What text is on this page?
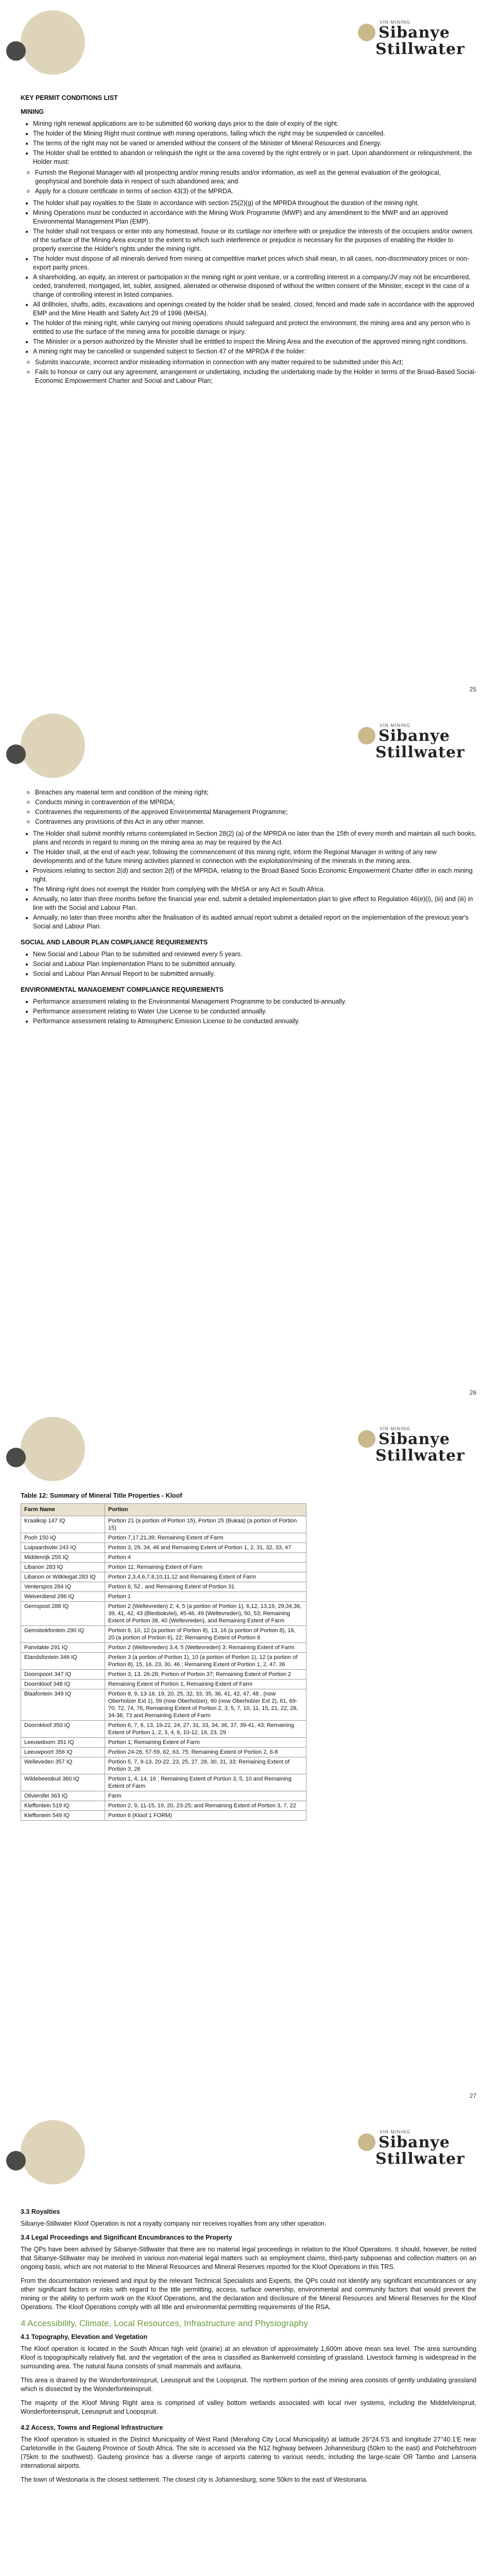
VIN MINING
Sibanye
Stillwater
KEY PERMIT CONDITIONS LIST
MINING
• Mining right renewal applications are to be submitted 60 working days prior to the date of expiry of the right.
• The holder of the Mining Right must continue with mining operations, failing which the right may be suspended or cancelled.
• The terms of the right may not be varied or amended without the consent of the Minister of Mineral Resources and Energy.
• The Holder shall be entitled to abandon or relinquish the right or the area covered by the right entirely or in part. Upon abandonment or relinquishment, the Holder must:
o Furnish the Regional Manager with all prospecting and/or mining results and/or information, as well as the general evaluation of the geological, geophysical and borehole data in respect of such abandoned area; and
o Apply for a closure certificate in terms of section 43(3) of the MPRDA.
• The holder shall pay royalties to the State in accordance with section 25(2)(g) of the MPRDA throughout the duration of the mining right.
• Mining Operations must be conducted in accordance with the Mining Work Programme (MWP) and any amendment to the MWP and an approved Environmental Management Plan (EMP).
• The holder shall not trespass or enter into any homestead, house or its curtilage nor interfere with or prejudice the interests of the occupiers and/or owners of the surface of the Mining Area except to the extent to which such interference or prejudice is necessary for the purposes of enabling the Holder to properly exercise the Holder's rights under the mining right.
• The holder must dispose of all minerals derived from mining at competitive market prices which shall mean, in all cases, non-discriminatory prices or non-export parity prices.
• A shareholding, an equity, an interest or participation in the mining right or joint venture, or a controlling interest in a company/JV may not be encumbered, ceded, transferred, mortgaged, let, sublet, assigned, alienated or otherwise disposed of without the written consent of the Minister, except in the case of a change of controlling interest in listed companies.
• All drillholes, shafts, adits, excavations and openings created by the holder shall be sealed, closed, fenced and made safe in accordance with the approved EMP and the Mine Health and Safety Act 29 of 1996 (MHSA).
• The holder of the mining right, while carrying out mining operations should safeguard and protect the environment, the mining area and any person who is entitled to use the surface of the mining area for possible damage or injury.
• The Minister or a person authorized by the Minister shall be entitled to inspect the Mining Area and the execution of the approved mining right conditions.
• A mining right may be cancelled or suspended subject to Section 47 of the MPRDA if the holder:
o Submits inaccurate, incorrect and/or misleading information in connection with any matter required to be submitted under this Act;
o Fails to honour or carry out any agreement, arrangement or undertaking, including the undertaking made by the Holder in terms of the Broad-Based Social-Economic Empowerment Charter and Social and Labour Plan;
25
VIN MINING
Sibanye
Stillwater
o Breaches any material term and condition of the mining right;
o Conducts mining in contravention of the MPRDA;
o Contravenes the requirements of the approved Environmental Management Programme;
o Contravenes any provisions of this Act in any other manner.
• The Holder shall submit monthly returns contemplated in Section 28(2) (a) of the MPRDA no later than the 15th of every month and maintain all such books, plans and records in regard to mining on the mining area as may be required by the Act.
• The Holder shall, at the end of each year, following the commencement of this mining right, inform the Regional Manager in writing of any new developments and of the future mining activities planned in connection with the exploitation/mining of the minerals in the mining area.
• Provisions relating to section 2(d) and section 2(f) of the MPRDA, relating to the Broad Based Socio Economic Empowerment Charter differ in each mining right.
• The Mining right does not exempt the Holder from complying with the MHSA or any Act in South Africa.
• Annually, no later than three months before the financial year end, submit a detailed implementation plan to give effect to Regulation 46(e)(i), (iii) and (iii) in line with the Social and Labour Plan.
• Annually, no later than three months after the finalisation of its audited annual report submit a detailed report on the implementation of the previous year's Social and Labour Plan.
SOCIAL AND LABOUR PLAN COMPLIANCE REQUIREMENTS
• New Social and Labour Plan to be submitted and reviewed every 5 years.
• Social and Labour Plan Implementation Plans to be submitted annually.
• Social and Labour Plan Annual Report to be submitted annually.
ENVIRONMENTAL MANAGEMENT COMPLIANCE REQUIREMENTS
• Performance assessment relating to the Environmental Management Programme to be conducted bi-annually.
• Performance assessment relating to Water Use License to be conducted annually.
• Performance assessment relating to Atmospheric Emission License to be conducted annually.
26
VIN MINING
Sibanye
Stillwater
Table 12: Summary of Mineral Title Properties - Kloof
Farm Name	Portion
Kraalkop 147 IQ	Portion 21 (a portion of Portion 15), Portion 25 (Bukaa) (a portion of Portion 15)
Pooh 150 IQ	Portion 7,17,21,39; Remaining Extent of Farm
Luipaardsvlei 243 IQ	Portion 3, 29, 34, 46 and Remaining Extent of Portion 1, 2, 31, 32, 33, 47
Middenrijk 255 IQ	Portion 4
Libanon 283 IQ	Portion 11; Remaining Extent of Farm
Libanon or Witkleigat 283 IQ	Portion 2,3,4,6,7,8,10,11,12 and Remaining Extent of Farm
Venterspos 284 IQ	Portion 6, 52 , and Remaining Extent of Portion 31
Welverdiend 286 IQ	Portion 1
Gemspost 288 IQ	Portion 2 (Weltevreden) 2; 4, 5 (a portion of Portion 1), 6,12, 13,19, 29,34,36, 39, 41, 42, 43 (Blesbokvlei), 45-46, 49 (Weltevreden), 50, 53; Remaining Extent of Portion 38, 40 (Weltevreden), and Remaining Extent of Farm
Gemsbokfontein 290 IQ	Portion 6, 10, 12 (a portion of Portion 8), 13, 16 (a portion of Portion 8), 16, 20 (a portion of Portion 6), 22; Remaining Extent of Portion 8
Panvlakte 291 IQ	Portion 2 (Weltevreden) 3,4, 5 (Weltevreden) 3; Remaining Extent of Farm
Elandsfontein 346 IQ	Portion 3 (a portion of Portion 1), 10 (a portion of Portion 1), 12 (a portion of Portion 8), 15, 16, 23, 30, 46 ; Remaining Extent of Portion 1, 2, 47, 36
Doornpoort 347 IQ	Portion 3, 13, 26-28; Portion of Portion 37; Remaining Extent of Portion 2
Doornkloof 348 IQ	Remaining Extent of Portion 1, Remaining Extent of Farm
Blaafontein 349 IQ	Portion 8, 9, 13-16, 19, 20, 25, 32, 33, 35, 36, 41, 42, 47, 48 , (now Oberholzer Ext 1), 59 (now Oberholzer), 60 (now Oberholzer Ext 2), 61, 69-70, 72, 74, 76, Remaining Extent of Portion 2, 3, 5, 7, 10, 11, 15, 21, 22, 28, 34-38, 73 and Remaining Extent of Farm
Doornkloof 350 IQ	Portion 6, 7, 8, 13, 19-22, 24, 27, 31, 33, 34, 36, 37, 39-41, 43; Remaining Extent of Portion 1, 2, 3, 4, 6, 10-12, 16, 23, 29
Leeuwdoorn 351 IQ	Portion 1; Remaining Extent of Farm
Leeuwpoort 356 IQ	Portion 24-26, 57-59, 62, 63, 75; Remaining Extent of Portion 2, 6-8
Welleveden 357 IQ	Portion 5, 7, 9-13, 20-22, 23, 25, 27, 28, 30, 31, 33; Remaining Extent of Portion 3, 26
Wildebeestkuil 360 IQ	Portion 1, 4, 14, 16 ; Remaining Extent of Portion 3, 5, 10 and Remaining Extent of Farm
Oliviersfei 363 IQ	Farm
Kleffontein 519 IQ	Portion 2, 9, 11-15, 19, 20, 23-25; and Remaining Extent of Portion 3, 7, 22
Kleffontein 549 IQ	Portion 6 (Kloof 1 FORM)
27
VIN MINING
Sibanye
Stillwater
3.3 Royalties

Sibanye-Stillwater Kloof Operation is not a royalty company nor receives royalties from any other operation.

3.4 Legal Proceedings and Significant Encumbrances to the Property

The QPs have been advised by Sibanye-Stillwater that there are no material legal proceedings in relation to the Kloof Operations. It should, however, be noted that Sibanye-Stillwater may be involved in various non-material legal matters such as employment claims, third-party subpoenas and collection matters on an ongoing basis, which are not material to the Mineral Resources and Mineral Reserves reported for the Kloof Operations in this TRS.

From the documentation reviewed and input by the relevant Technical Specialists and Experts, the QPs could not identify any significant encumbrances or any other significant factors or risks with regard to the title permitting, access, surface ownership, environmental and community factors that would prevent the mining or the ability to perform work on the Kloof Operations, and the declaration and disclosure of the Mineral Resources and Mineral Reserves for the Kloof Operations. The Kloof Operations comply with all title and environmental permitting requirements of the RSA.

4 Accessibility, Climate, Local Resources, Infrastructure and Physiography
4.1 Topography, Elevation and Vegetation

The Kloof operation is located in the South African high veld (prairie) at an elevation of approximately 1,600m above mean sea level. The area surrounding Kloof is topographically relatively flat, and the vegetation of the area is classified as Bankenveld consisting of grassland. Livestock farming is widespread in the surrounding area. The natural fauna consists of small mammals and avifauna.

This area is drained by the Wonderfonteinspruit, Leeuspruit and the Loopspruit. The northern portion of the mining area consists of gently undulating grassland which is dissected by the Wonderfonteinspruit.

The majority of the Kloof Mining Right area is comprised of valley bottom wetlands associated with local river systems, including the Middelvleispruit, Wonderfonteinspruit, Leeuspruit and Loopspruit.

4.2 Access, Towns and Regional Infrastructure

The Kloof operation is situated in the District Municipality of West Rand (Merafong City Local Municipality) at latitude 26°24.5'S and longitude 27°40.1'E near Carletonville in the Gauteng Province of South Africa. The site is accessed via the N12 highway between Johannesburg (50km to the east) and Potchefstroom (75km to the southwest). Gauteng province has a diverse range of airports catering to various needs, including the large-scale OR Tambo and Lanseria international airports.

The town of Westonaria is the closest settlement. The closest city is Johannesburg, some 50km to the east of Westonaria.
